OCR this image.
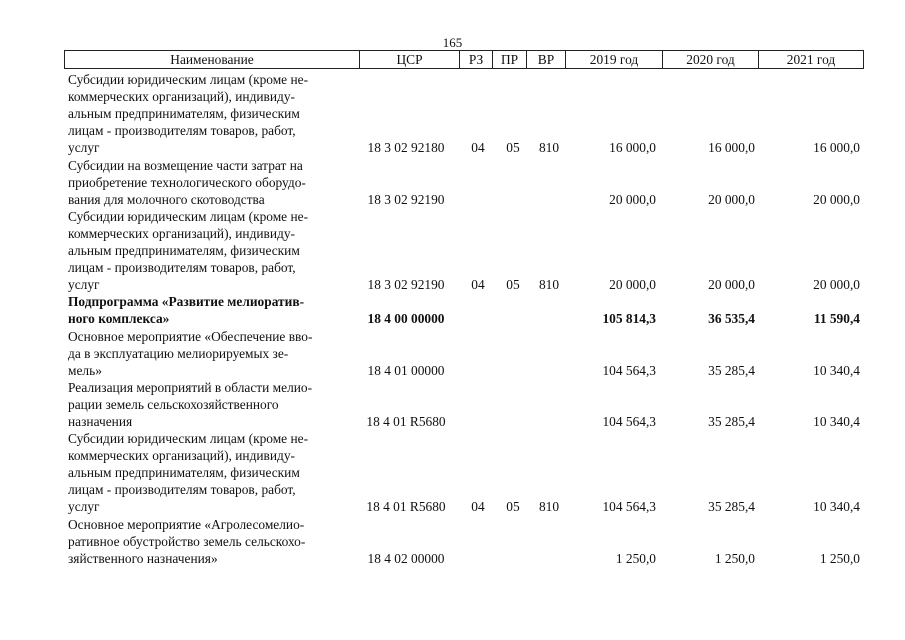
165
Наименование	ЦСР	РЗ	ПР	ВР	2019 год	2020 год	2021 год
Субсидии юридическим лицам (кроме не-
коммерческих организаций), индивиду-
альным предпринимателям, физическим
лицам - производителям товаров, работ,
услуг	18 3 02 92180	04	05	810	16 000,0	16 000,0	16 000,0
Субсидии на возмещение части затрат на
приобретение технологического оборудо-
вания для молочного скотоводства	18 3 02 92190	20 000,0	20 000,0	20 000,0
Субсидии юридическим лицам (кроме не-
коммерческих организаций), индивиду-
альным предпринимателям, физическим
лицам - производителям товаров, работ,
услуг	18 3 02 92190	04	05	810	20 000,0	20 000,0	20 000,0
Подпрограмма «Развитие мелиоратив-
ного комплекса»	18 4 00 00000	105 814,3	36 535,4	11 590,4
Основное мероприятие «Обеспечение вво-
да в эксплуатацию мелиорируемых зе-
мель»	18 4 01 00000	104 564,3	35 285,4	10 340,4
Реализация мероприятий в области мелио-
рации земель сельскохозяйственного
назначения	18 4 01 R5680	104 564,3	35 285,4	10 340,4
Субсидии юридическим лицам (кроме не-
коммерческих организаций), индивиду-
альным предпринимателям, физическим
лицам - производителям товаров, работ,
услуг	18 4 01 R5680	04	05	810	104 564,3	35 285,4	10 340,4
Основное мероприятие «Агролесомелио-
ративное обустройство земель сельскохо-
зяйственного назначения»	18 4 02 00000	1 250,0	1 250,0	1 250,0
